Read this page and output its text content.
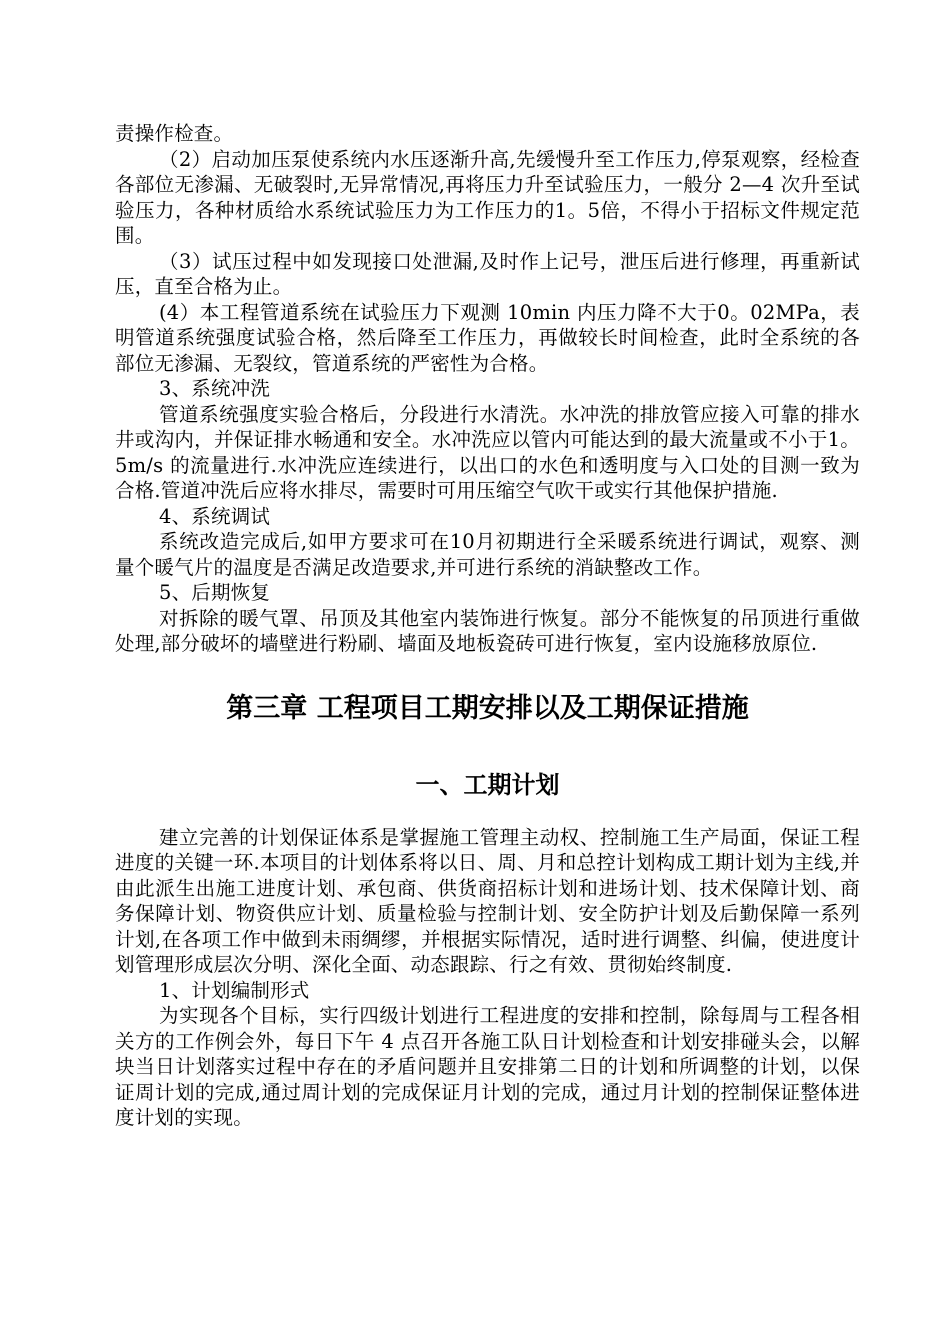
责操作检查。

（2）启动加压泵使系统内水压逐渐升高,先缓慢升至工作压力,停泵观察，经检查各部位无渗漏、无破裂时,无异常情况,再将压力升至试验压力，一般分 2—4 次升至试验压力，各种材质给水系统试验压力为工作压力的1。5倍，不得小于招标文件规定范围。

（3）试压过程中如发现接口处泄漏,及时作上记号，泄压后进行修理，再重新试压，直至合格为止。

(4）本工程管道系统在试验压力下观测 10min 内压力降不大于0。02MPa，表明管道系统强度试验合格，然后降至工作压力，再做较长时间检查，此时全系统的各部位无渗漏、无裂纹，管道系统的严密性为合格。

3、系统冲洗

管道系统强度实验合格后，分段进行水清洗。水冲洗的排放管应接入可靠的排水井或沟内，并保证排水畅通和安全。水冲洗应以管内可能达到的最大流量或不小于1。5m/s 的流量进行.水冲洗应连续进行，以出口的水色和透明度与入口处的目测一致为合格.管道冲洗后应将水排尽，需要时可用压缩空气吹干或实行其他保护措施.

4、系统调试

系统改造完成后,如甲方要求可在10月初期进行全采暖系统进行调试，观察、测量个暖气片的温度是否满足改造要求,并可进行系统的消缺整改工作。

5、后期恢复

对拆除的暖气罩、吊顶及其他室内装饰进行恢复。部分不能恢复的吊顶进行重做处理,部分破坏的墙壁进行粉刷、墙面及地板瓷砖可进行恢复，室内设施移放原位.

第三章 工程项目工期安排以及工期保证措施
一、工期计划

建立完善的计划保证体系是掌握施工管理主动权、控制施工生产局面，保证工程进度的关键一环.本项目的计划体系将以日、周、月和总控计划构成工期计划为主线,并由此派生出施工进度计划、承包商、供货商招标计划和进场计划、技术保障计划、商务保障计划、物资供应计划、质量检验与控制计划、安全防护计划及后勤保障一系列计划,在各项工作中做到未雨绸缪，并根据实际情况，适时进行调整、纠偏，使进度计划管理形成层次分明、深化全面、动态跟踪、行之有效、贯彻始终制度.

1、计划编制形式

为实现各个目标，实行四级计划进行工程进度的安排和控制，除每周与工程各相关方的工作例会外，每日下午 4 点召开各施工队日计划检查和计划安排碰头会，以解块当日计划落实过程中存在的矛盾问题并且安排第二日的计划和所调整的计划，以保证周计划的完成,通过周计划的完成保证月计划的完成，通过月计划的控制保证整体进度计划的实现。
